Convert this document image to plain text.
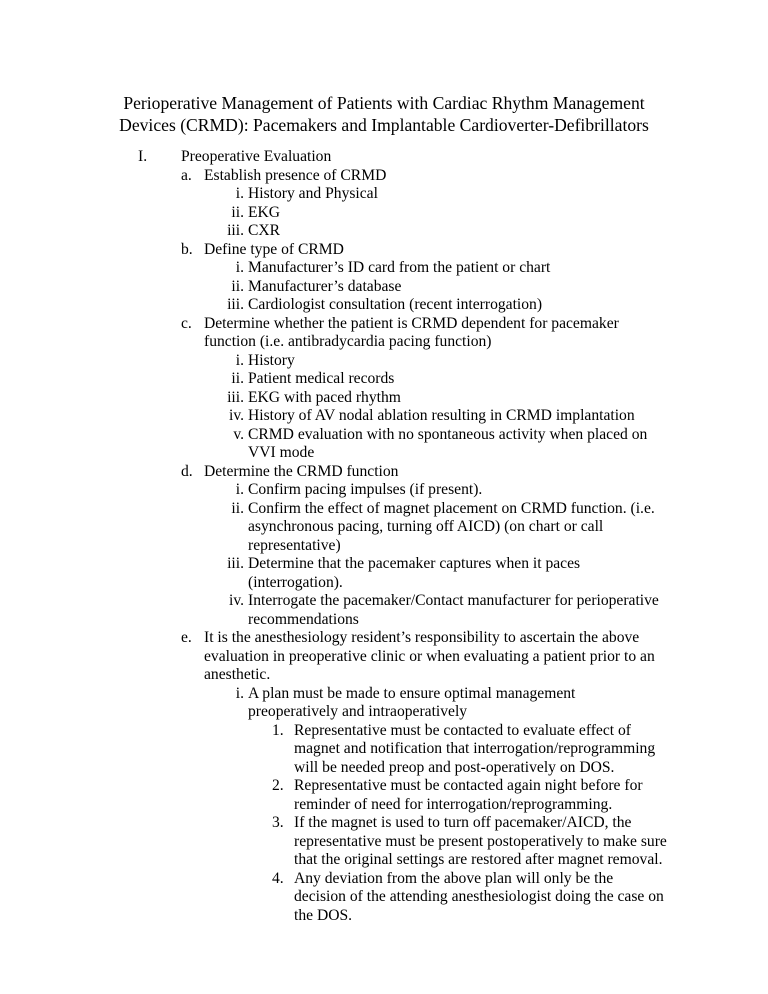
Perioperative Management of Patients with Cardiac Rhythm Management
Devices (CRMD): Pacemakers and Implantable Cardioverter-Defibrillators
I. Preoperative Evaluation
a. Establish presence of CRMD
i. History and Physical
ii. EKG
iii. CXR
b. Define type of CRMD
i. Manufacturer’s ID card from the patient or chart
ii. Manufacturer’s database
iii. Cardiologist consultation (recent interrogation)
c. Determine whether the patient is CRMD dependent for pacemaker
function (i.e. antibradycardia pacing function)
i. History
ii. Patient medical records
iii. EKG with paced rhythm
iv. History of AV nodal ablation resulting in CRMD implantation
v. CRMD evaluation with no spontaneous activity when placed on
VVI mode
d. Determine the CRMD function
i. Confirm pacing impulses (if present).
ii. Confirm the effect of magnet placement on CRMD function. (i.e.
asynchronous pacing, turning off AICD) (on chart or call
representative)
iii. Determine that the pacemaker captures when it paces
(interrogation).
iv. Interrogate the pacemaker/Contact manufacturer for perioperative
recommendations
e. It is the anesthesiology resident’s responsibility to ascertain the above
evaluation in preoperative clinic or when evaluating a patient prior to an
anesthetic.
i. A plan must be made to ensure optimal management
preoperatively and intraoperatively
1. Representative must be contacted to evaluate effect of
magnet and notification that interrogation/reprogramming
will be needed preop and post-operatively on DOS.
2. Representative must be contacted again night before for
reminder of need for interrogation/reprogramming.
3. If the magnet is used to turn off pacemaker/AICD, the
representative must be present postoperatively to make sure
that the original settings are restored after magnet removal.
4. Any deviation from the above plan will only be the
decision of the attending anesthesiologist doing the case on
the DOS.
